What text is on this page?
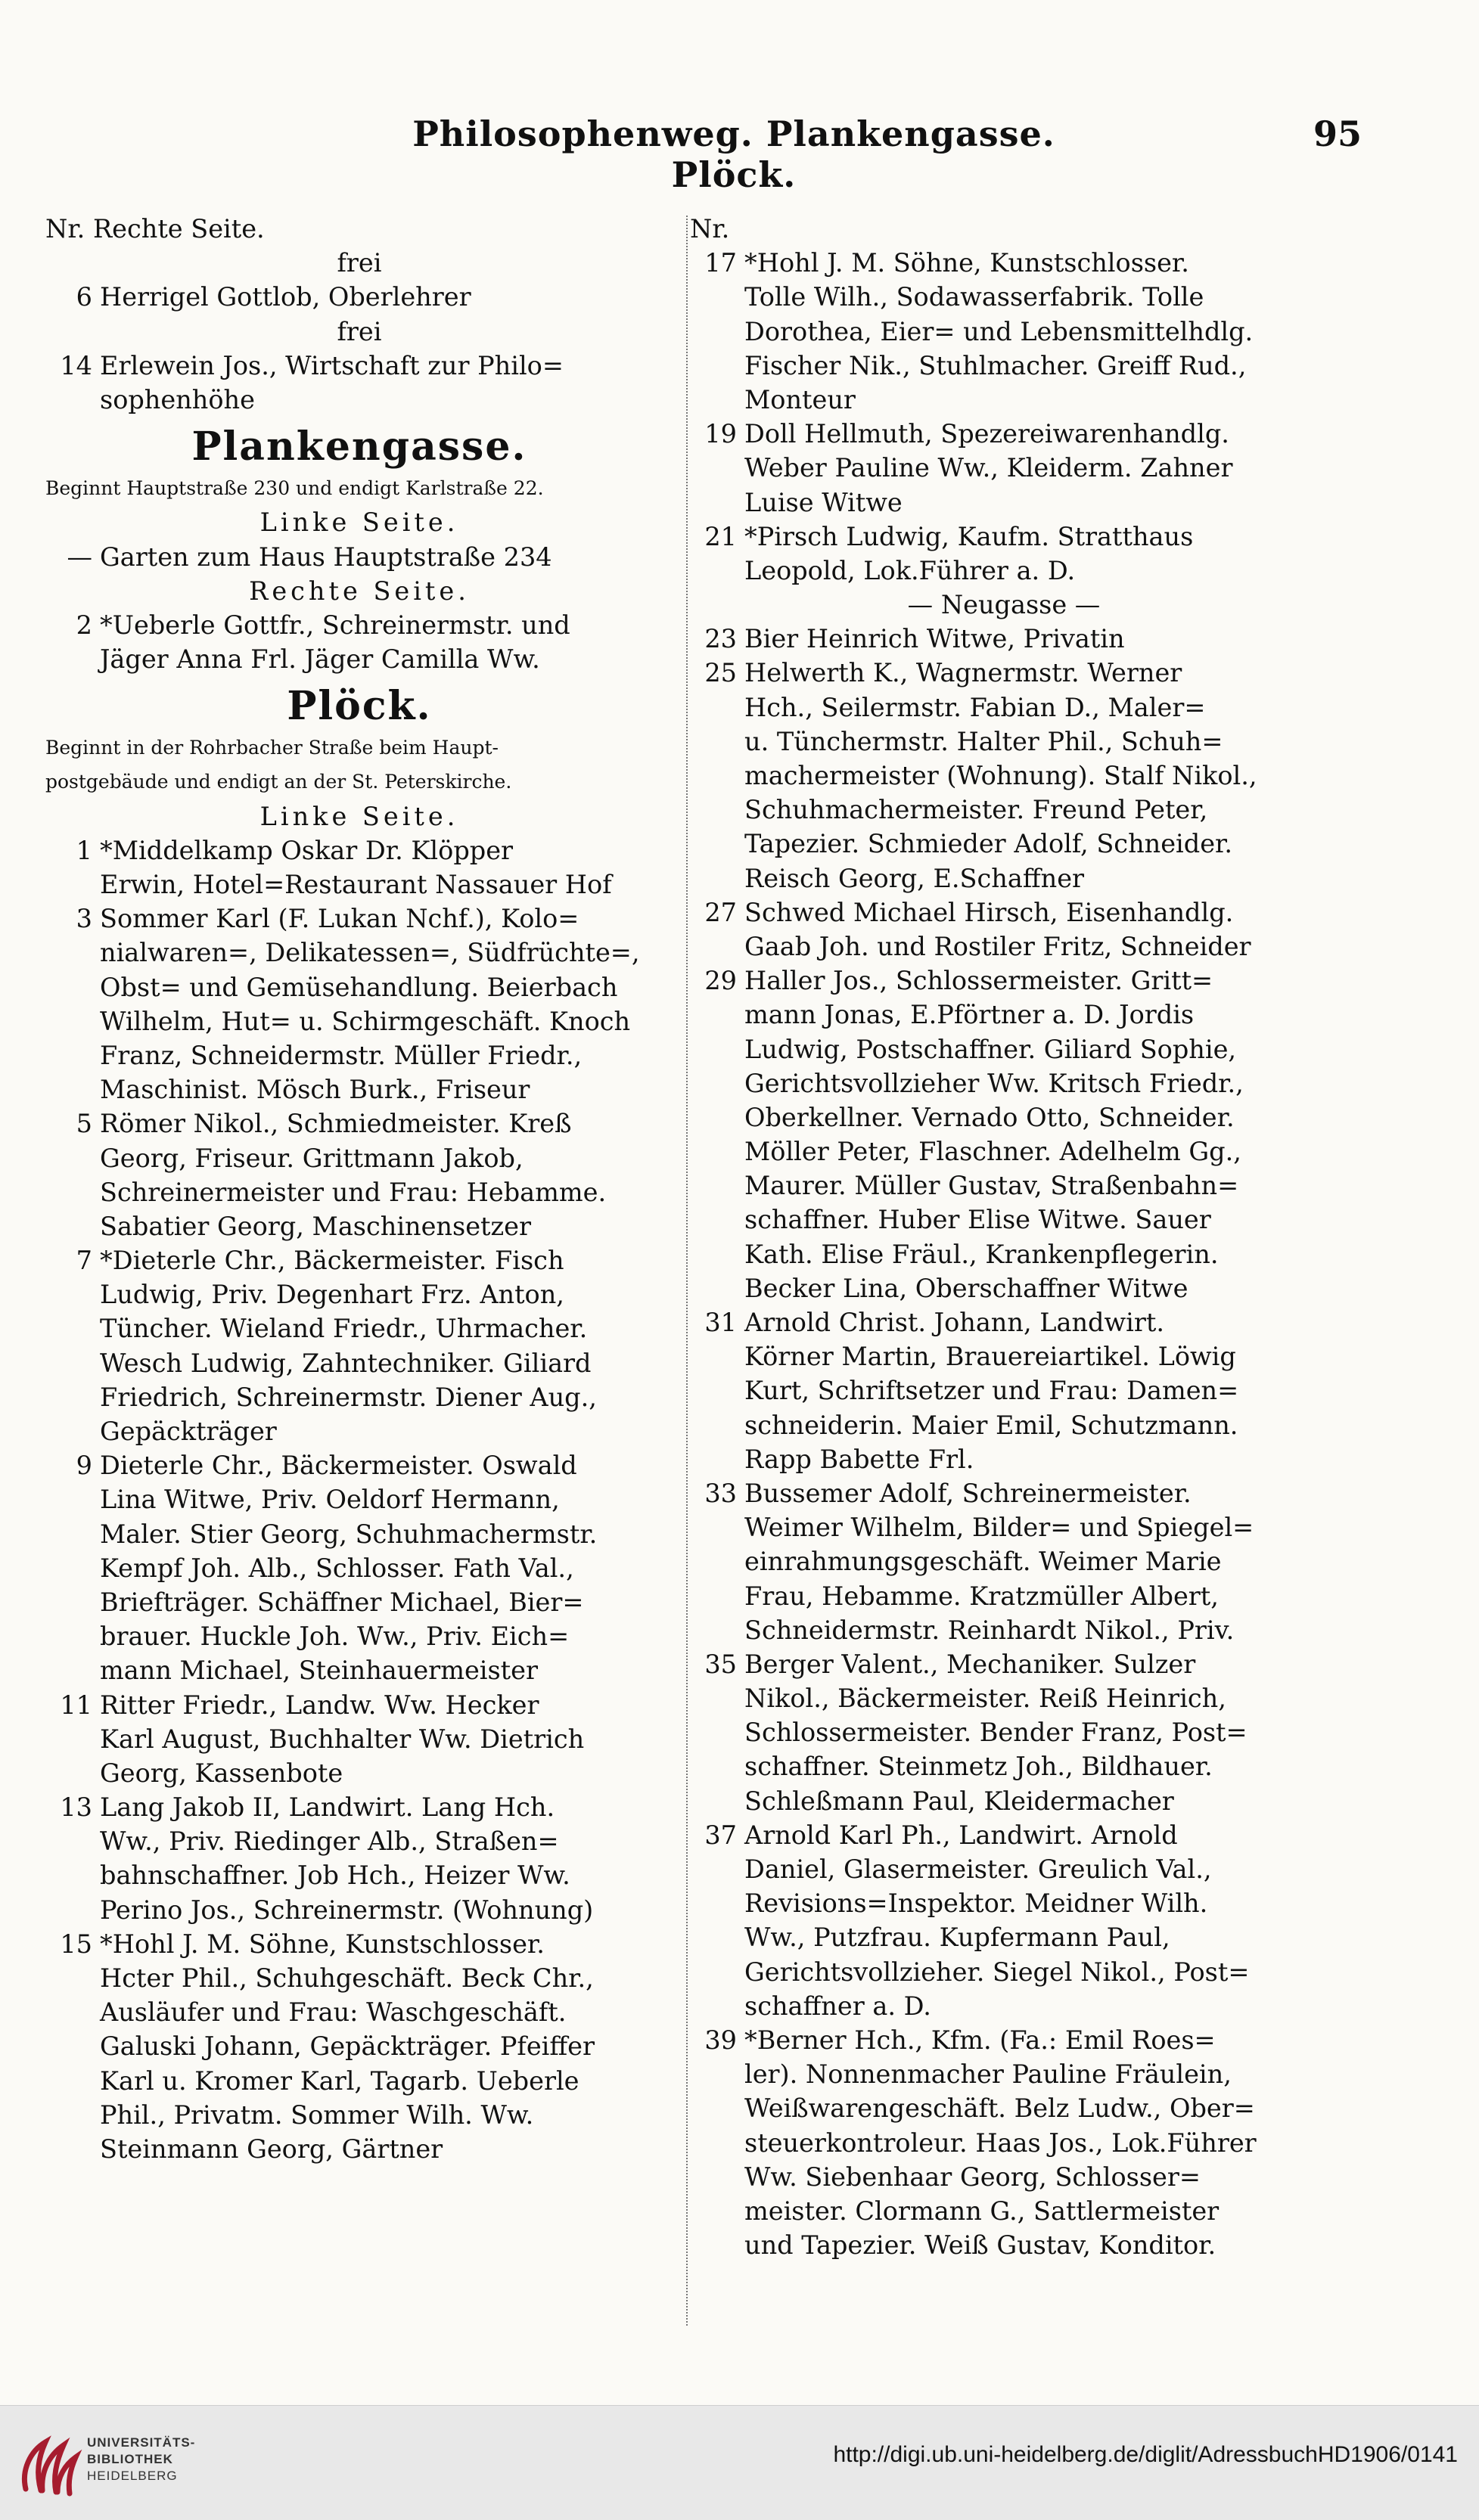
Philosophenweg. Plankengasse. Plöck.
95
Nr. Rechte Seite.
frei
6 Herrigel Gottlob, Oberlehrer
frei
14 Erlewein Jos., Wirtschaft zur Philo=
sophenhöhe
Plankengasse.
Beginnt Hauptstraße 230 und endigt Karlstraße 22.
Linke Seite.
— Garten zum Haus Hauptstraße 234
Rechte Seite.
2 *Ueberle Gottfr., Schreinermstr. und
Jäger Anna Frl. Jäger Camilla Ww.
Plöck.
Beginnt in der Rohrbacher Straße beim Haupt-
postgebäude und endigt an der St. Peterskirche.
Linke Seite.
1 *Middelkamp Oskar Dr. Klöpper
Erwin, Hotel=Restaurant Nassauer Hof
3 Sommer Karl (F. Lukan Nchf.), Kolo=
nialwaren=, Delikatessen=, Südfrüchte=,
Obst= und Gemüsehandlung. Beierbach
Wilhelm, Hut= u. Schirmgeschäft. Knoch
Franz, Schneidermstr. Müller Friedr.,
Maschinist. Mösch Burk., Friseur
5 Römer Nikol., Schmiedmeister. Kreß
Georg, Friseur. Grittmann Jakob,
Schreinermeister und Frau: Hebamme.
Sabatier Georg, Maschinensetzer
7 *Dieterle Chr., Bäckermeister. Fisch
Ludwig, Priv. Degenhart Frz. Anton,
Tüncher. Wieland Friedr., Uhrmacher.
Wesch Ludwig, Zahntechniker. Giliard
Friedrich, Schreinermstr. Diener Aug.,
Gepäckträger
9 Dieterle Chr., Bäckermeister. Oswald
Lina Witwe, Priv. Oeldorf Hermann,
Maler. Stier Georg, Schuhmachermstr.
Kempf Joh. Alb., Schlosser. Fath Val.,
Briefträger. Schäffner Michael, Bier=
brauer. Huckle Joh. Ww., Priv. Eich=
mann Michael, Steinhauermeister
11 Ritter Friedr., Landw. Ww. Hecker
Karl August, Buchhalter Ww. Dietrich
Georg, Kassenbote
13 Lang Jakob II, Landwirt. Lang Hch.
Ww., Priv. Riedinger Alb., Straßen=
bahnschaffner. Job Hch., Heizer Ww.
Perino Jos., Schreinermstr. (Wohnung)
15 *Hohl J. M. Söhne, Kunstschlosser.
Hcter Phil., Schuhgeschäft. Beck Chr.,
Ausläufer und Frau: Waschgeschäft.
Galuski Johann, Gepäckträger. Pfeiffer
Karl u. Kromer Karl, Tagarb. Ueberle
Phil., Privatm. Sommer Wilh. Ww.
Steinmann Georg, Gärtner
Nr.
17 *Hohl J. M. Söhne, Kunstschlosser.
Tolle Wilh., Sodawasserfabrik. Tolle
Dorothea, Eier= und Lebensmittelhdlg.
Fischer Nik., Stuhlmacher. Greiff Rud.,
Monteur
19 Doll Hellmuth, Spezereiwarenhandlg.
Weber Pauline Ww., Kleiderm. Zahner
Luise Witwe
21 *Pirsch Ludwig, Kaufm. Stratthaus
Leopold, Lok.Führer a. D.
— Neugasse —
23 Bier Heinrich Witwe, Privatin
25 Helwerth K., Wagnermstr. Werner
Hch., Seilermstr. Fabian D., Maler=
u. Tünchermstr. Halter Phil., Schuh=
machermeister (Wohnung). Stalf Nikol.,
Schuhmachermeister. Freund Peter,
Tapezier. Schmieder Adolf, Schneider.
Reisch Georg, E.Schaffner
27 Schwed Michael Hirsch, Eisenhandlg.
Gaab Joh. und Rostiler Fritz, Schneider
29 Haller Jos., Schlossermeister. Gritt=
mann Jonas, E.Pförtner a. D. Jordis
Ludwig, Postschaffner. Giliard Sophie,
Gerichtsvollzieher Ww. Kritsch Friedr.,
Oberkellner. Vernado Otto, Schneider.
Möller Peter, Flaschner. Adelhelm Gg.,
Maurer. Müller Gustav, Straßenbahn=
schaffner. Huber Elise Witwe. Sauer
Kath. Elise Fräul., Krankenpflegerin.
Becker Lina, Oberschaffner Witwe
31 Arnold Christ. Johann, Landwirt.
Körner Martin, Brauereiartikel. Löwig
Kurt, Schriftsetzer und Frau: Damen=
schneiderin. Maier Emil, Schutzmann.
Rapp Babette Frl.
33 Bussemer Adolf, Schreinermeister.
Weimer Wilhelm, Bilder= und Spiegel=
einrahmungsgeschäft. Weimer Marie
Frau, Hebamme. Kratzmüller Albert,
Schneidermstr. Reinhardt Nikol., Priv.
35 Berger Valent., Mechaniker. Sulzer
Nikol., Bäckermeister. Reiß Heinrich,
Schlossermeister. Bender Franz, Post=
schaffner. Steinmetz Joh., Bildhauer.
Schleßmann Paul, Kleidermacher
37 Arnold Karl Ph., Landwirt. Arnold
Daniel, Glasermeister. Greulich Val.,
Revisions=Inspektor. Meidner Wilh.
Ww., Putzfrau. Kupfermann Paul,
Gerichtsvollzieher. Siegel Nikol., Post=
schaffner a. D.
39 *Berner Hch., Kfm. (Fa.: Emil Roes=
ler). Nonnenmacher Pauline Fräulein,
Weißwarengeschäft. Belz Ludw., Ober=
steuerkontroleur. Haas Jos., Lok.Führer
Ww. Siebenhaar Georg, Schlosser=
meister. Clormann G., Sattlermeister
und Tapezier. Weiß Gustav, Konditor.
UNIVERSITÄTS-
BIBLIOTHEK
HEIDELBERG
http://digi.ub.uni-heidelberg.de/diglit/AdressbuchHD1906/0141
